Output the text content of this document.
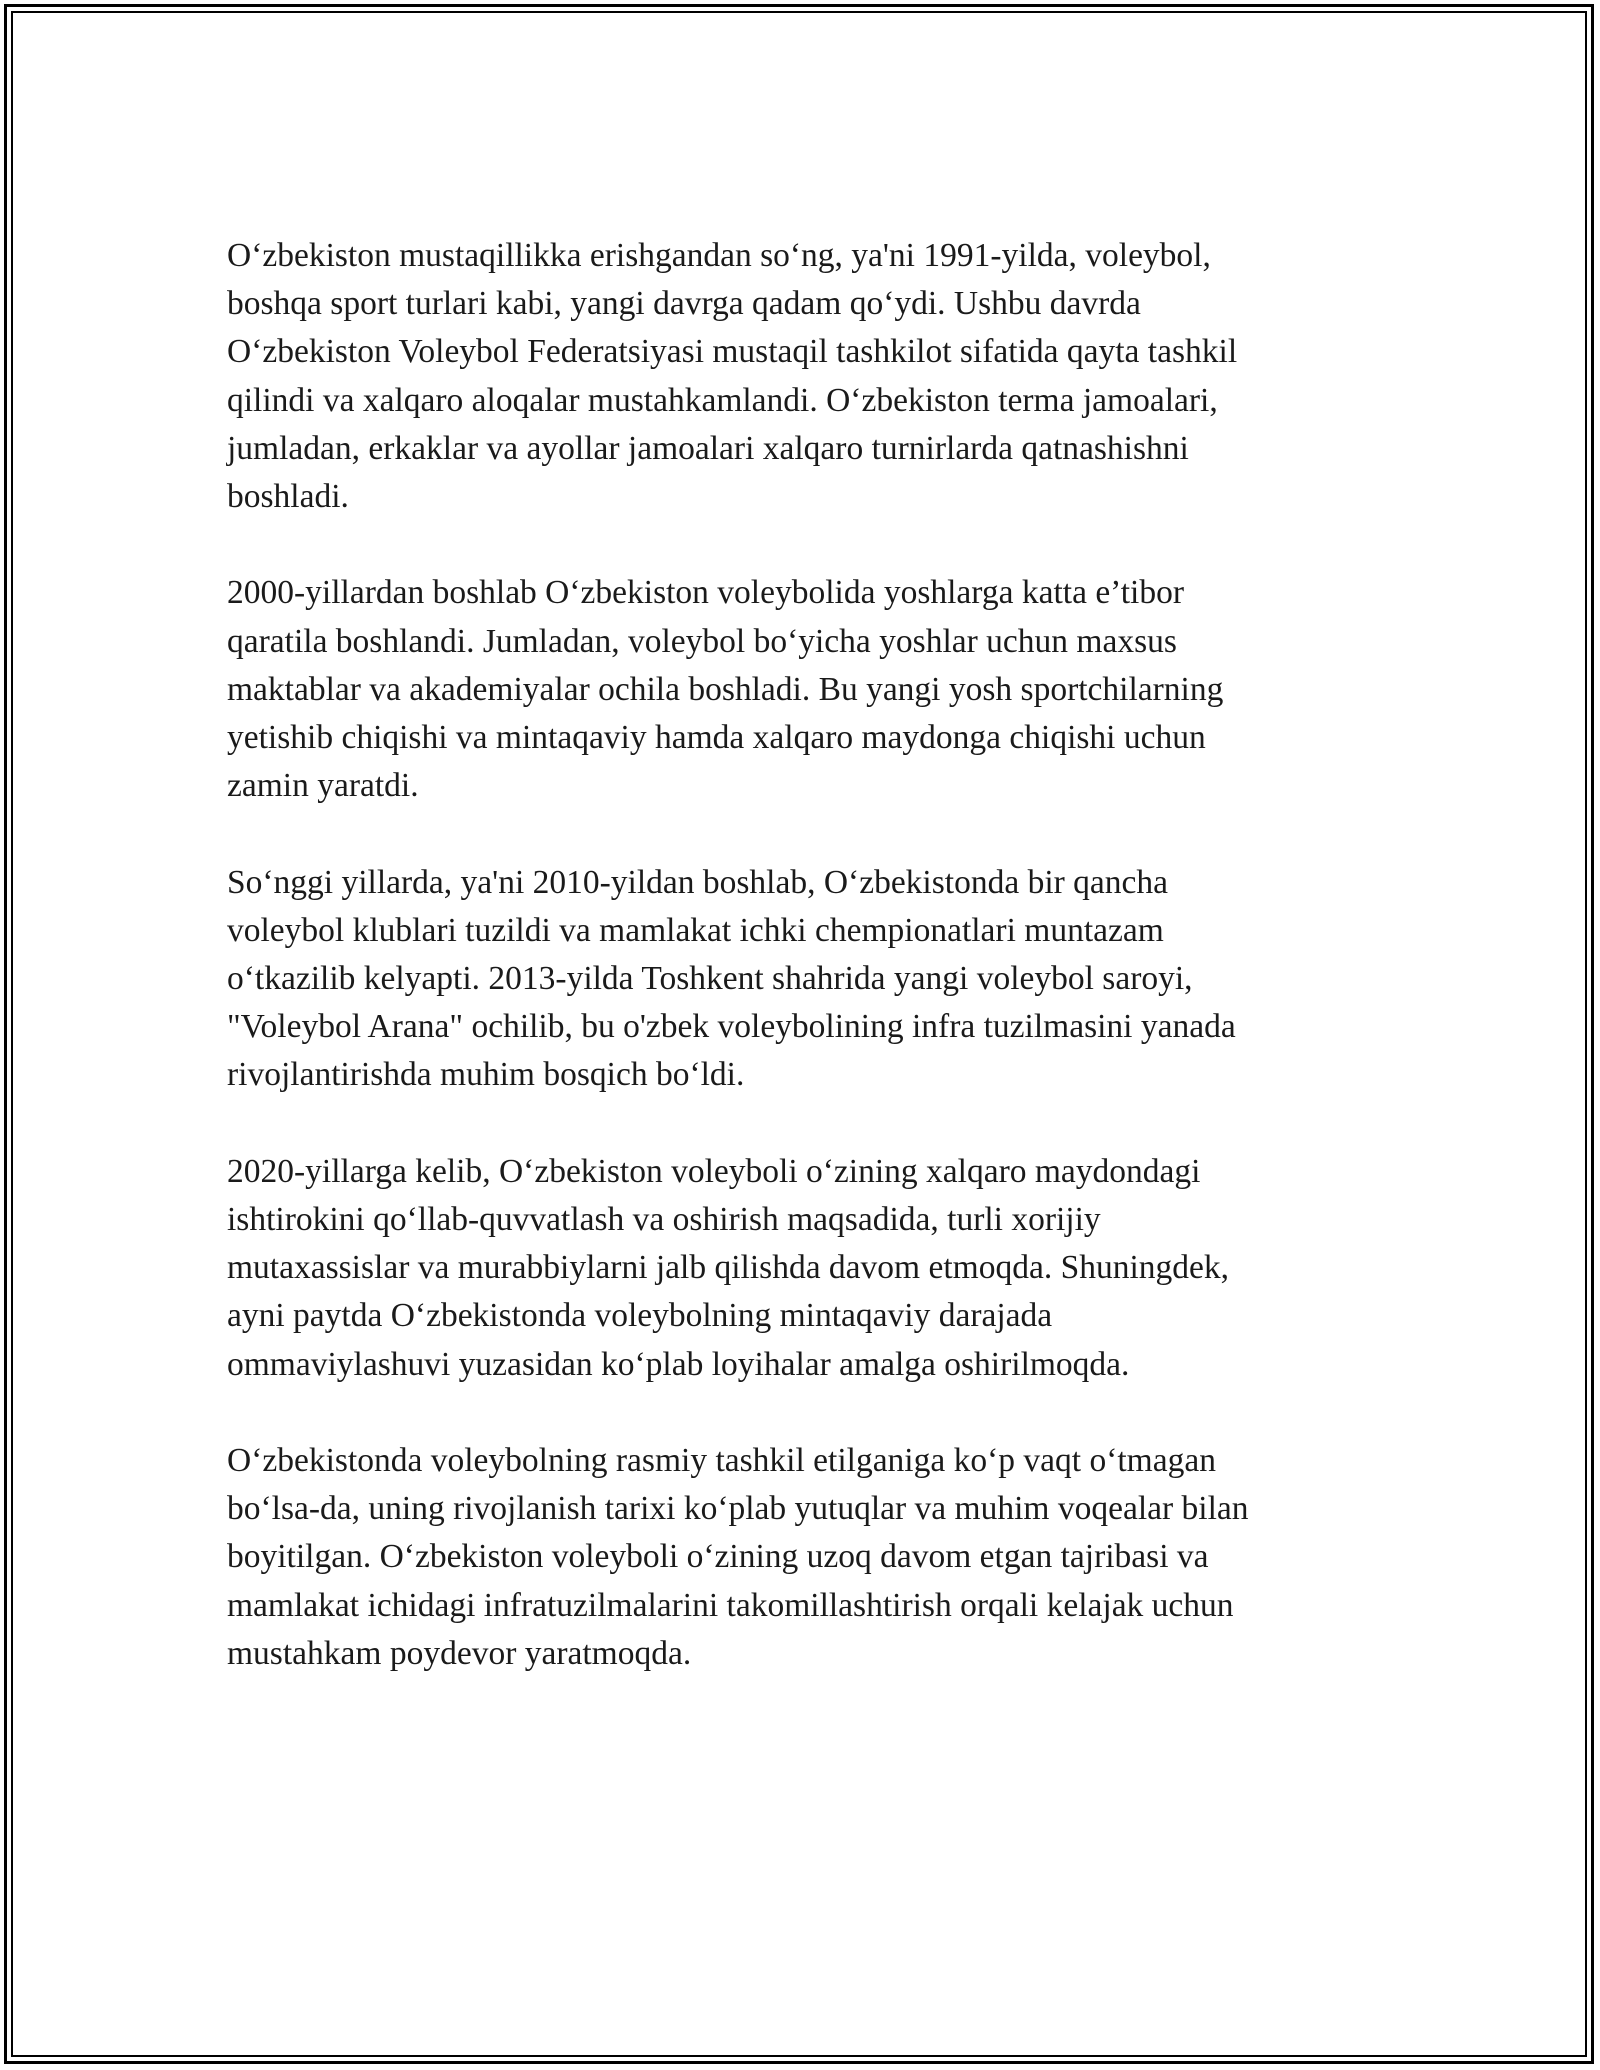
O‘zbekiston mustaqillikka erishgandan so‘ng, ya'ni 1991-yilda, voleybol,
boshqa sport turlari kabi, yangi davrga qadam qo‘ydi. Ushbu davrda
O‘zbekiston Voleybol Federatsiyasi mustaqil tashkilot sifatida qayta tashkil
qilindi va xalqaro aloqalar mustahkamlandi. O‘zbekiston terma jamoalari,
jumladan, erkaklar va ayollar jamoalari xalqaro turnirlarda qatnashishni
boshladi.

2000-yillardan boshlab O‘zbekiston voleybolida yoshlarga katta e’tibor
qaratila boshlandi. Jumladan, voleybol bo‘yicha yoshlar uchun maxsus
maktablar va akademiyalar ochila boshladi. Bu yangi yosh sportchilarning
yetishib chiqishi va mintaqaviy hamda xalqaro maydonga chiqishi uchun
zamin yaratdi.

So‘nggi yillarda, ya'ni 2010-yildan boshlab, O‘zbekistonda bir qancha
voleybol klublari tuzildi va mamlakat ichki chempionatlari muntazam
o‘tkazilib kelyapti. 2013-yilda Toshkent shahrida yangi voleybol saroyi,
"Voleybol Arana" ochilib, bu o'zbek voleybolining infra tuzilmasini yanada
rivojlantirishda muhim bosqich bo‘ldi.

2020-yillarga kelib, O‘zbekiston voleyboli o‘zining xalqaro maydondagi
ishtirokini qo‘llab-quvvatlash va oshirish maqsadida, turli xorijiy
mutaxassislar va murabbiylarni jalb qilishda davom etmoqda. Shuningdek,
ayni paytda O‘zbekistonda voleybolning mintaqaviy darajada
ommaviylashuvi yuzasidan ko‘plab loyihalar amalga oshirilmoqda.

O‘zbekistonda voleybolning rasmiy tashkil etilganiga ko‘p vaqt o‘tmagan
bo‘lsa-da, uning rivojlanish tarixi ko‘plab yutuqlar va muhim voqealar bilan
boyitilgan. O‘zbekiston voleyboli o‘zining uzoq davom etgan tajribasi va
mamlakat ichidagi infratuzilmalarini takomillashtirish orqali kelajak uchun
mustahkam poydevor yaratmoqda.
